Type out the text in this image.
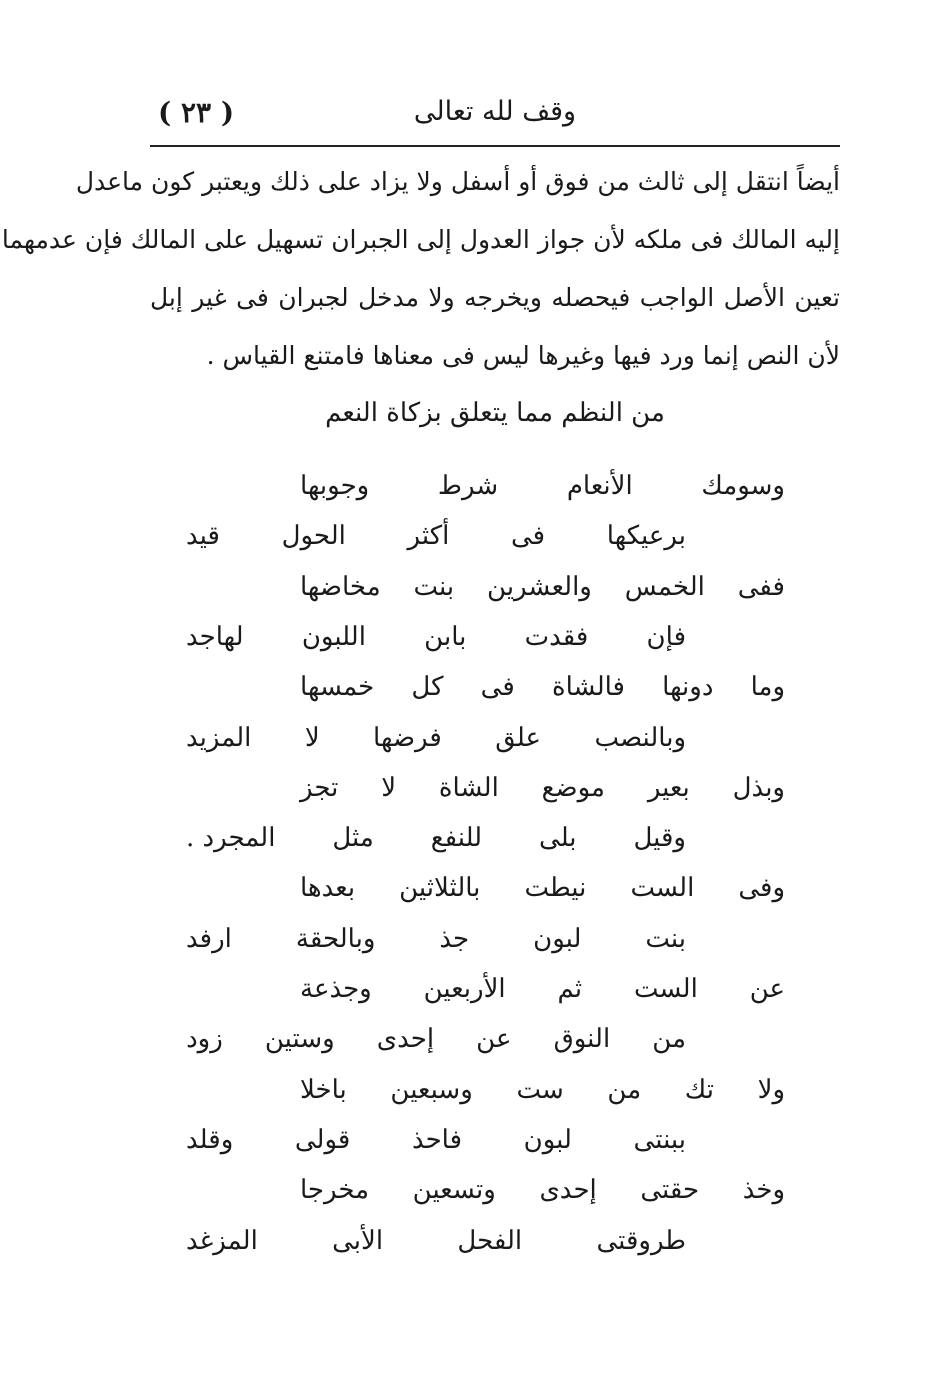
( ٢٣ )	وقف لله تعالى
أيضاً انتقل إلى ثالث من فوق أو أسفل ولا يزاد على ذلك ويعتبر كون ماعدل
إليه المالك فى ملكه لأن جواز العدول إلى الجبران تسهيل على المالك فإن عدمهما
تعين الأصل الواجب فيحصله ويخرجه ولا مدخل لجبران فى غير إبل
لأن النص إنما ورد فيها وغيرها ليس فى معناها فامتنع القياس .
من النظم مما يتعلق بزكاة النعم
وسومك
الأنعام
شرط
وجوبها
برعيكها
فى
أكثر
الحول
قيد
ففى
الخمس
والعشرين
بنت
مخاضها
فإن
فقدت
بابن
اللبون
لهاجد
وما
دونها
فالشاة
فى
كل
خمسها
وبالنصب
علق
فرضها
لا
المزيد
وبذل
بعير
موضع
الشاة
لا
تجز
وقيل
بلى
للنفع
مثل
المجرد .
وفى
الست
نيطت
بالثلاثين
بعدها
بنت
لبون
جذ
وبالحقة
ارفد
عن
الست
ثم
الأربعين
وجذعة
من
النوق
عن
إحدى
وستين
زود
ولا
تك
من
ست
وسبعين
باخلا
ببنتى
لبون
فاحذ
قولى
وقلد
وخذ
حقتى
إحدى
وتسعين
مخرجا
طروقتى
الفحل
الأبى
المزغد
